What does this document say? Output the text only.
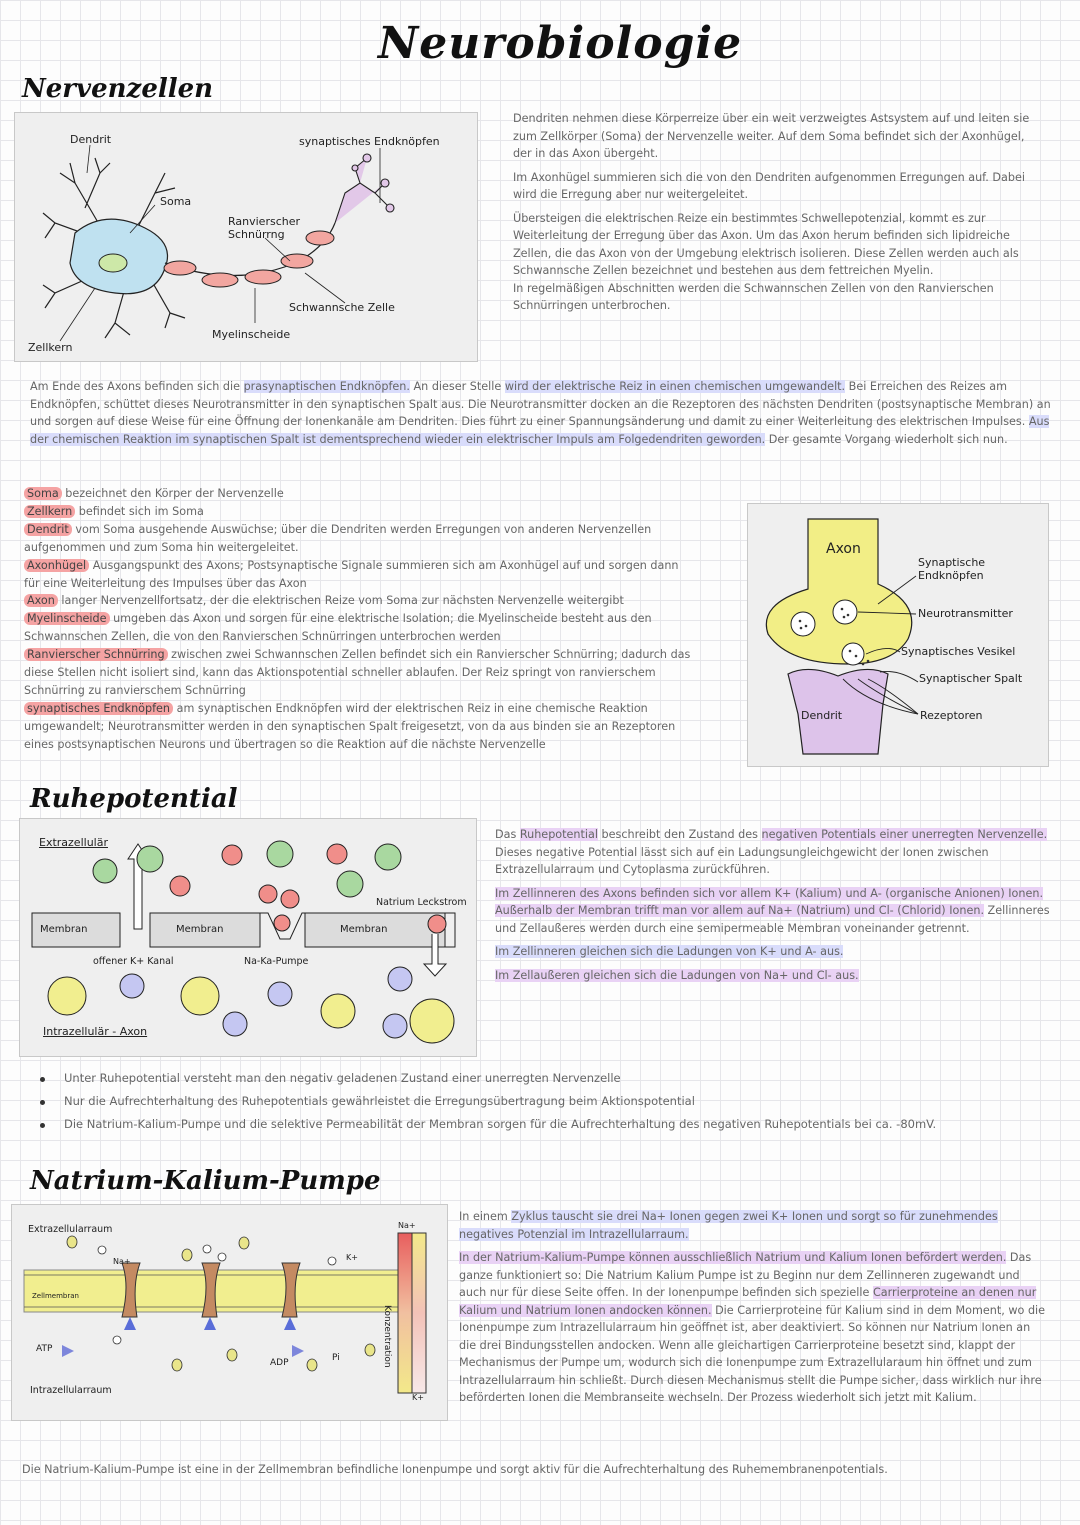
Neurobiologie
Nervenzellen
Dendrit
Soma
synaptisches Endknöpfen
Ranvierscher Schnürrng
Schwannsche Zelle
Myelinscheide
Zellkern

Dendriten nehmen diese Körperreize über ein weit verzweigtes Astsystem auf und leiten sie zum Zellkörper (Soma) der Nervenzelle weiter. Auf dem Soma befindet sich der Axonhügel, der in das Axon übergeht.

Im Axonhügel summieren sich die von den Dendriten aufgenommen Erregungen auf. Dabei wird die Erregung aber nur weitergeleitet.

Übersteigen die elektrischen Reize ein bestimmtes Schwellepotenzial, kommt es zur Weiterleitung der Erregung über das Axon. Um das Axon herum befinden sich lipidreiche Zellen, die das Axon von der Umgebung elektrisch isolieren. Diese Zellen werden auch als Schwannsche Zellen bezeichnet und bestehen aus dem fettreichen Myelin.
In regelmäßigen Abschnitten werden die Schwannschen Zellen von den Ranvierschen Schnürringen unterbrochen.

Am Ende des Axons befinden sich die prasynaptischen Endknöpfen. An dieser Stelle wird der elektrische Reiz in einen chemischen umgewandelt. Bei Erreichen des Reizes am Endknöpfen, schüttet dieses Neurotransmitter in den synaptischen Spalt aus. Die Neurotransmitter docken an die Rezeptoren des nächsten Dendriten (postsynaptische Membran) an und sorgen auf diese Weise für eine Öffnung der Ionenkanäle am Dendriten. Dies führt zu einer Spannungsänderung und damit zu einer Weiterleitung des elektrischen Impulses. Aus der chemischen Reaktion im synaptischen Spalt ist dementsprechend wieder ein elektrischer Impuls am Folgedendriten geworden. Der gesamte Vorgang wiederholt sich nun.
Soma bezeichnet den Körper der Nervenzelle
Zellkern befindet sich im Soma
Dendrit vom Soma ausgehende Auswüchse; über die Dendriten werden Erregungen von anderen Nervenzellen aufgenommen und zum Soma hin weitergeleitet.
Axonhügel Ausgangspunkt des Axons; Postsynaptische Signale summieren sich am Axonhügel auf und sorgen dann für eine Weiterleitung des Impulses über das Axon
Axon langer Nervenzellfortsatz, der die elektrischen Reize vom Soma zur nächsten Nervenzelle weitergibt
Myelinscheide umgeben das Axon und sorgen für eine elektrische Isolation; die Myelinscheide besteht aus den Schwannschen Zellen, die von den Ranvierschen Schnürringen unterbrochen werden
Ranvierscher Schnürring zwischen zwei Schwannschen Zellen befindet sich ein Ranvierscher Schnürring; dadurch das diese Stellen nicht isoliert sind, kann das Aktionspotential schneller ablaufen. Der Reiz springt von ranvierschem Schnürring zu ranvierschem Schnürring
synaptisches Endknöpfen am synaptischen Endknöpfen wird der elektrischen Reiz in eine chemische Reaktion umgewandelt; Neurotransmitter werden in den synaptischen Spalt freigesetzt, von da aus binden sie an Rezeptoren eines postsynaptischen Neurons und übertragen so die Reaktion auf die nächste Nervenzelle
Axon
Synaptische Endknöpfen
Neurotransmitter
Synaptisches Vesikel
Synaptischer Spalt
Dendrit	Rezeptoren
Ruhepotential
Extrazellulär
Intrazellulär - Axon
Membran	Membran	Membran
offener K+ Kanal	Na-Ka-Pumpe
Natrium Leckstrom

Das Ruhepotential beschreibt den Zustand des negativen Potentials einer unerregten Nervenzelle. Dieses negative Potential lässt sich auf ein Ladungsungleichgewicht der Ionen zwischen Extrazellularraum und Cytoplasma zurückführen.

Im Zellinneren des Axons befinden sich vor allem K+ (Kalium) und A- (organische Anionen) Ionen. Außerhalb der Membran trifft man vor allem auf Na+ (Natrium) und Cl- (Chlorid) Ionen. Zellinneres und Zellaußeres werden durch eine semipermeable Membran voneinander getrennt.

Im Zellinneren gleichen sich die Ladungen von K+ und A- aus.

Im Zellaußeren gleichen sich die Ladungen von Na+ und Cl- aus.

Unter Ruhepotential versteht man den negativ geladenen Zustand einer unerregten Nervenzelle
Nur die Aufrechterhaltung des Ruhepotentials gewährleistet die Erregungsübertragung beim Aktionspotential
Die Natrium-Kalium-Pumpe und die selektive Permeabilität der Membran sorgen für die Aufrechterhaltung des negativen Ruhepotentials bei ca. -80mV.
Natrium-Kalium-Pumpe
Extrazellularraum
Intrazellularraum
Zellmembran
ATP
ADP	Pi
Na+	K+
Na+
K+
Konzentration

In einem Zyklus tauscht sie drei Na+ Ionen gegen zwei K+ Ionen und sorgt so für zunehmendes negatives Potenzial im Intrazellularraum.

In der Natrium-Kalium-Pumpe können ausschließlich Natrium und Kalium Ionen befördert werden. Das ganze funktioniert so: Die Natrium Kalium Pumpe ist zu Beginn nur dem Zellinneren zugewandt und auch nur für diese Seite offen. In der Ionenpumpe befinden sich spezielle Carrierproteine an denen nur Kalium und Natrium Ionen andocken können. Die Carrierproteine für Kalium sind in dem Moment, wo die Ionenpumpe zum Intrazellularraum hin geöffnet ist, aber deaktiviert. So können nur Natrium Ionen an die drei Bindungsstellen andocken. Wenn alle gleichartigen Carrierproteine besetzt sind, klappt der Mechanismus der Pumpe um, wodurch sich die Ionenpumpe zum Extrazellularaum hin öffnet und zum Intrazellularraum hin schließt. Durch diesen Mechanismus stellt die Pumpe sicher, dass wirklich nur ihre beförderten Ionen die Membranseite wechseln. Der Prozess wiederholt sich jetzt mit Kalium.

Die Natrium-Kalium-Pumpe ist eine in der Zellmembran befindliche Ionenpumpe und sorgt aktiv für die Aufrechterhaltung des Ruhemembranenpotentials.
